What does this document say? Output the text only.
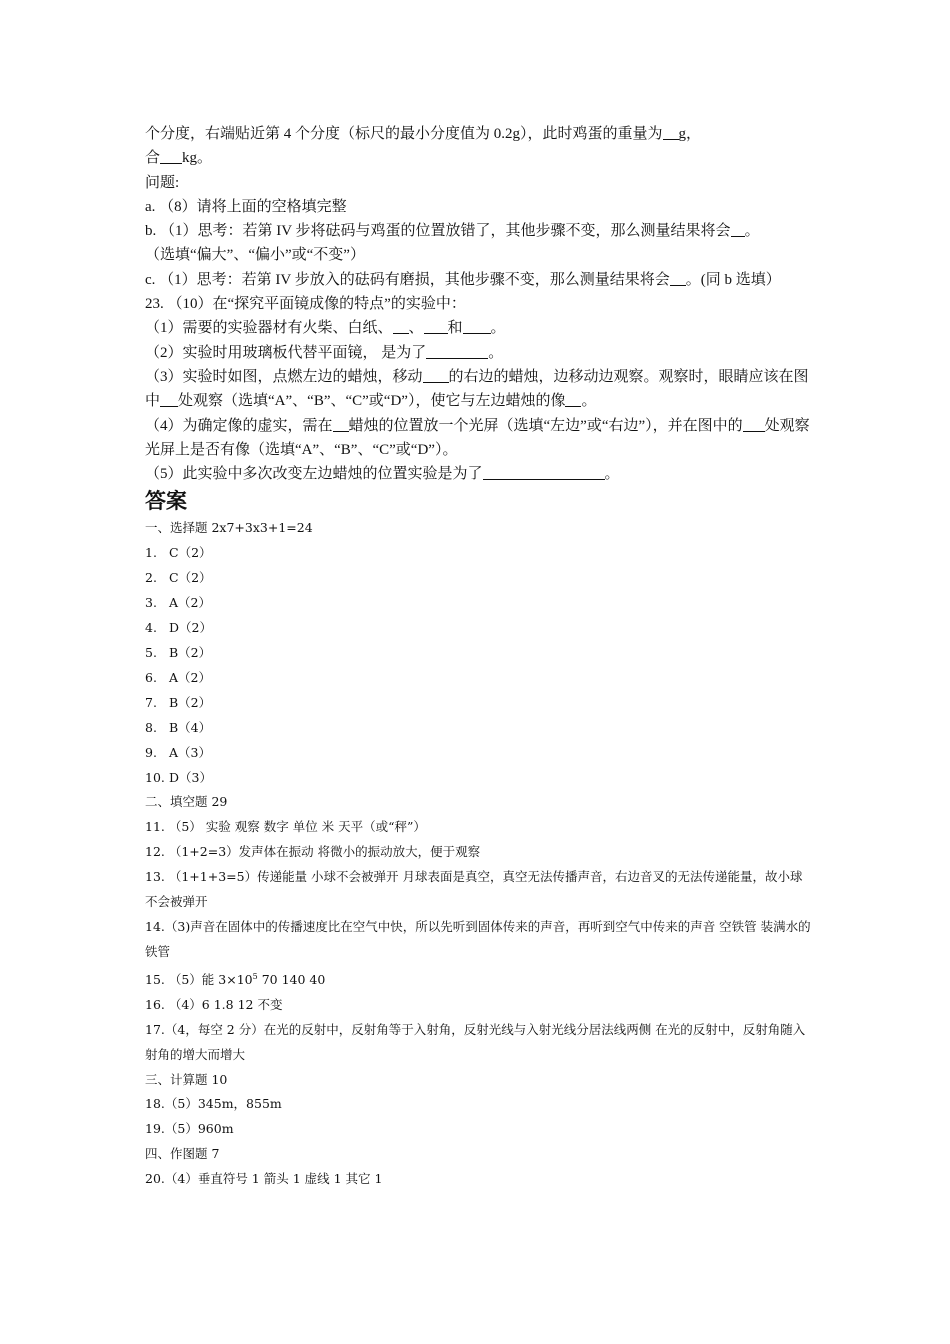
个分度，右端贴近第 4 个分度（标尺的最小分度值为 0.2g），此时鸡蛋的重量为 g，

合 kg。

问题:

a. （8）请将上面的空格填完整

b. （1）思考：若第 IV 步将砝码与鸡蛋的位置放错了，其他步骤不变，那么测量结果将会 。

（选填“偏大”、“偏小”或“不变”）

c. （1）思考：若第 IV 步放入的砝码有磨损，其他步骤不变，那么测量结果将会 。(同 b 选填）

23. （10）在“探究平面镜成像的特点”的实验中：

（1）需要的实验器材有火柴、白纸、 、 和 。

（2）实验时用玻璃板代替平面镜， 是为了	。

（3）实验时如图，点燃左边的蜡烛，移动 的右边的蜡烛，边移动边观察。观察时，眼睛应该在图中 处观察（选填“A”、“B”、“C”或“D”），使它与左边蜡烛的像 。

（4）为确定像的虚实，需在 蜡烛的位置放一个光屏（选填“左边”或“右边”），并在图中的 处观察光屏上是否有像（选填“A”、“B”、“C”或“D”）。

（5）此实验中多次改变左边蜡烛的位置实验是为了	。

答案

一、选择题 2x7+3x3+1=24

1. C（2）

2. C（2）

3. A（2）

4. D（2）

5. B（2）

6. A（2）

7. B（2）

8. B（4）

9. A（3）

10. D（3）

二、填空题 29

11. （5） 实验 观察 数字 单位 米 天平（或“秤”）

12. （1+2=3）发声体在振动 将微小的振动放大，便于观察

13. （1+1+3=5）传递能量 小球不会被弹开 月球表面是真空，真空无法传播声音，右边音叉的无法传递能量，故小球不会被弹开

14.（3)声音在固体中的传播速度比在空气中快，所以先听到固体传来的声音，再听到空气中传来的声音 空铁管 装满水的铁管

15. （5）能 $3\times 10^5$ 70 140 40

16. （4）6 1.8 12 不变

17.（4，每空 2 分）在光的反射中，反射角等于入射角，反射光线与入射光线分居法线两侧 在光的反射中，反射角随入射角的增大而增大

三、计算题 10

18.（5）345m，855m

19.（5）960m

四、作图题 7

20.（4）垂直符号 1 箭头 1 虚线 1 其它 1
